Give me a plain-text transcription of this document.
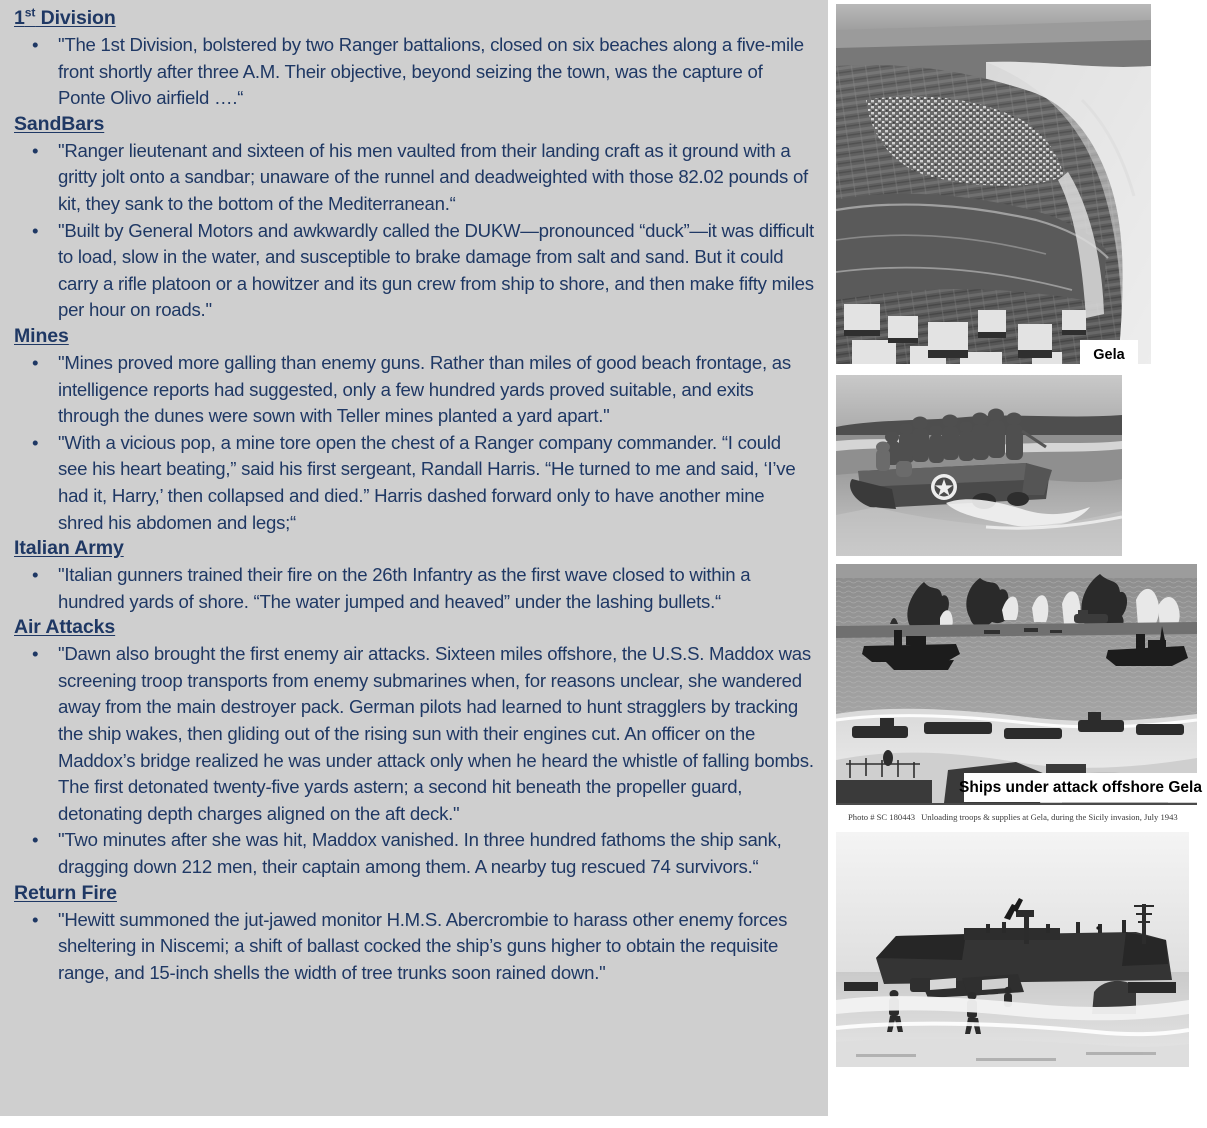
1st Division
• "The 1st Division, bolstered by two Ranger battalions, closed on six beaches along a five-mile front shortly after three A.M. Their objective, beyond seizing the town, was the capture of Ponte Olivo airfield ….“
SandBars
• "Ranger lieutenant and sixteen of his men vaulted from their landing craft as it ground with a gritty jolt onto a sandbar; unaware of the runnel and deadweighted with those 82.02 pounds of kit, they sank to the bottom of the Mediterranean.“
• "Built by General Motors and awkwardly called the DUKW—pronounced “duck”—it was difficult to load, slow in the water, and susceptible to brake damage from salt and sand. But it could carry a rifle platoon or a howitzer and its gun crew from ship to shore, and then make fifty miles per hour on roads."
Mines
• "Mines proved more galling than enemy guns. Rather than miles of good beach frontage, as intelligence reports had suggested, only a few hundred yards proved suitable, and exits through the dunes were sown with Teller mines planted a yard apart."
• "With a vicious pop, a mine tore open the chest of a Ranger company commander. “I could see his heart beating,” said his first sergeant, Randall Harris. “He turned to me and said, ‘I’ve had it, Harry,’ then collapsed and died.” Harris dashed forward only to have another mine shred his abdomen and legs;“
Italian Army
• "Italian gunners trained their fire on the 26th Infantry as the first wave closed to within a hundred yards of shore. “The water jumped and heaved” under the lashing bullets.“
Air Attacks
• "Dawn also brought the first enemy air attacks. Sixteen miles offshore, the U.S.S. Maddox was screening troop transports from enemy submarines when, for reasons unclear, she wandered away from the main destroyer pack. German pilots had learned to hunt stragglers by tracking the ship wakes, then gliding out of the rising sun with their engines cut. An officer on the Maddox’s bridge realized he was under attack only when he heard the whistle of falling bombs. The first detonated twenty-five yards astern; a second hit beneath the propeller guard, detonating depth charges aligned on the aft deck."
• "Two minutes after she was hit, Maddox vanished. In three hundred fathoms the ship sank, dragging down 212 men, their captain among them. A nearby tug rescued 74 survivors.“
Return Fire
• "Hewitt summoned the jut-jawed monitor H.M.S. Abercrombie to harass other enemy forces sheltering in Niscemi; a shift of ballast cocked the ship’s guns higher to obtain the requisite range, and 15-inch shells the width of tree trunks soon rained down."
Gela
Ships under attack offshore Gela
Photo # SC 180443 Unloading troops & supplies at Gela, during the Sicily invasion, July 1943
